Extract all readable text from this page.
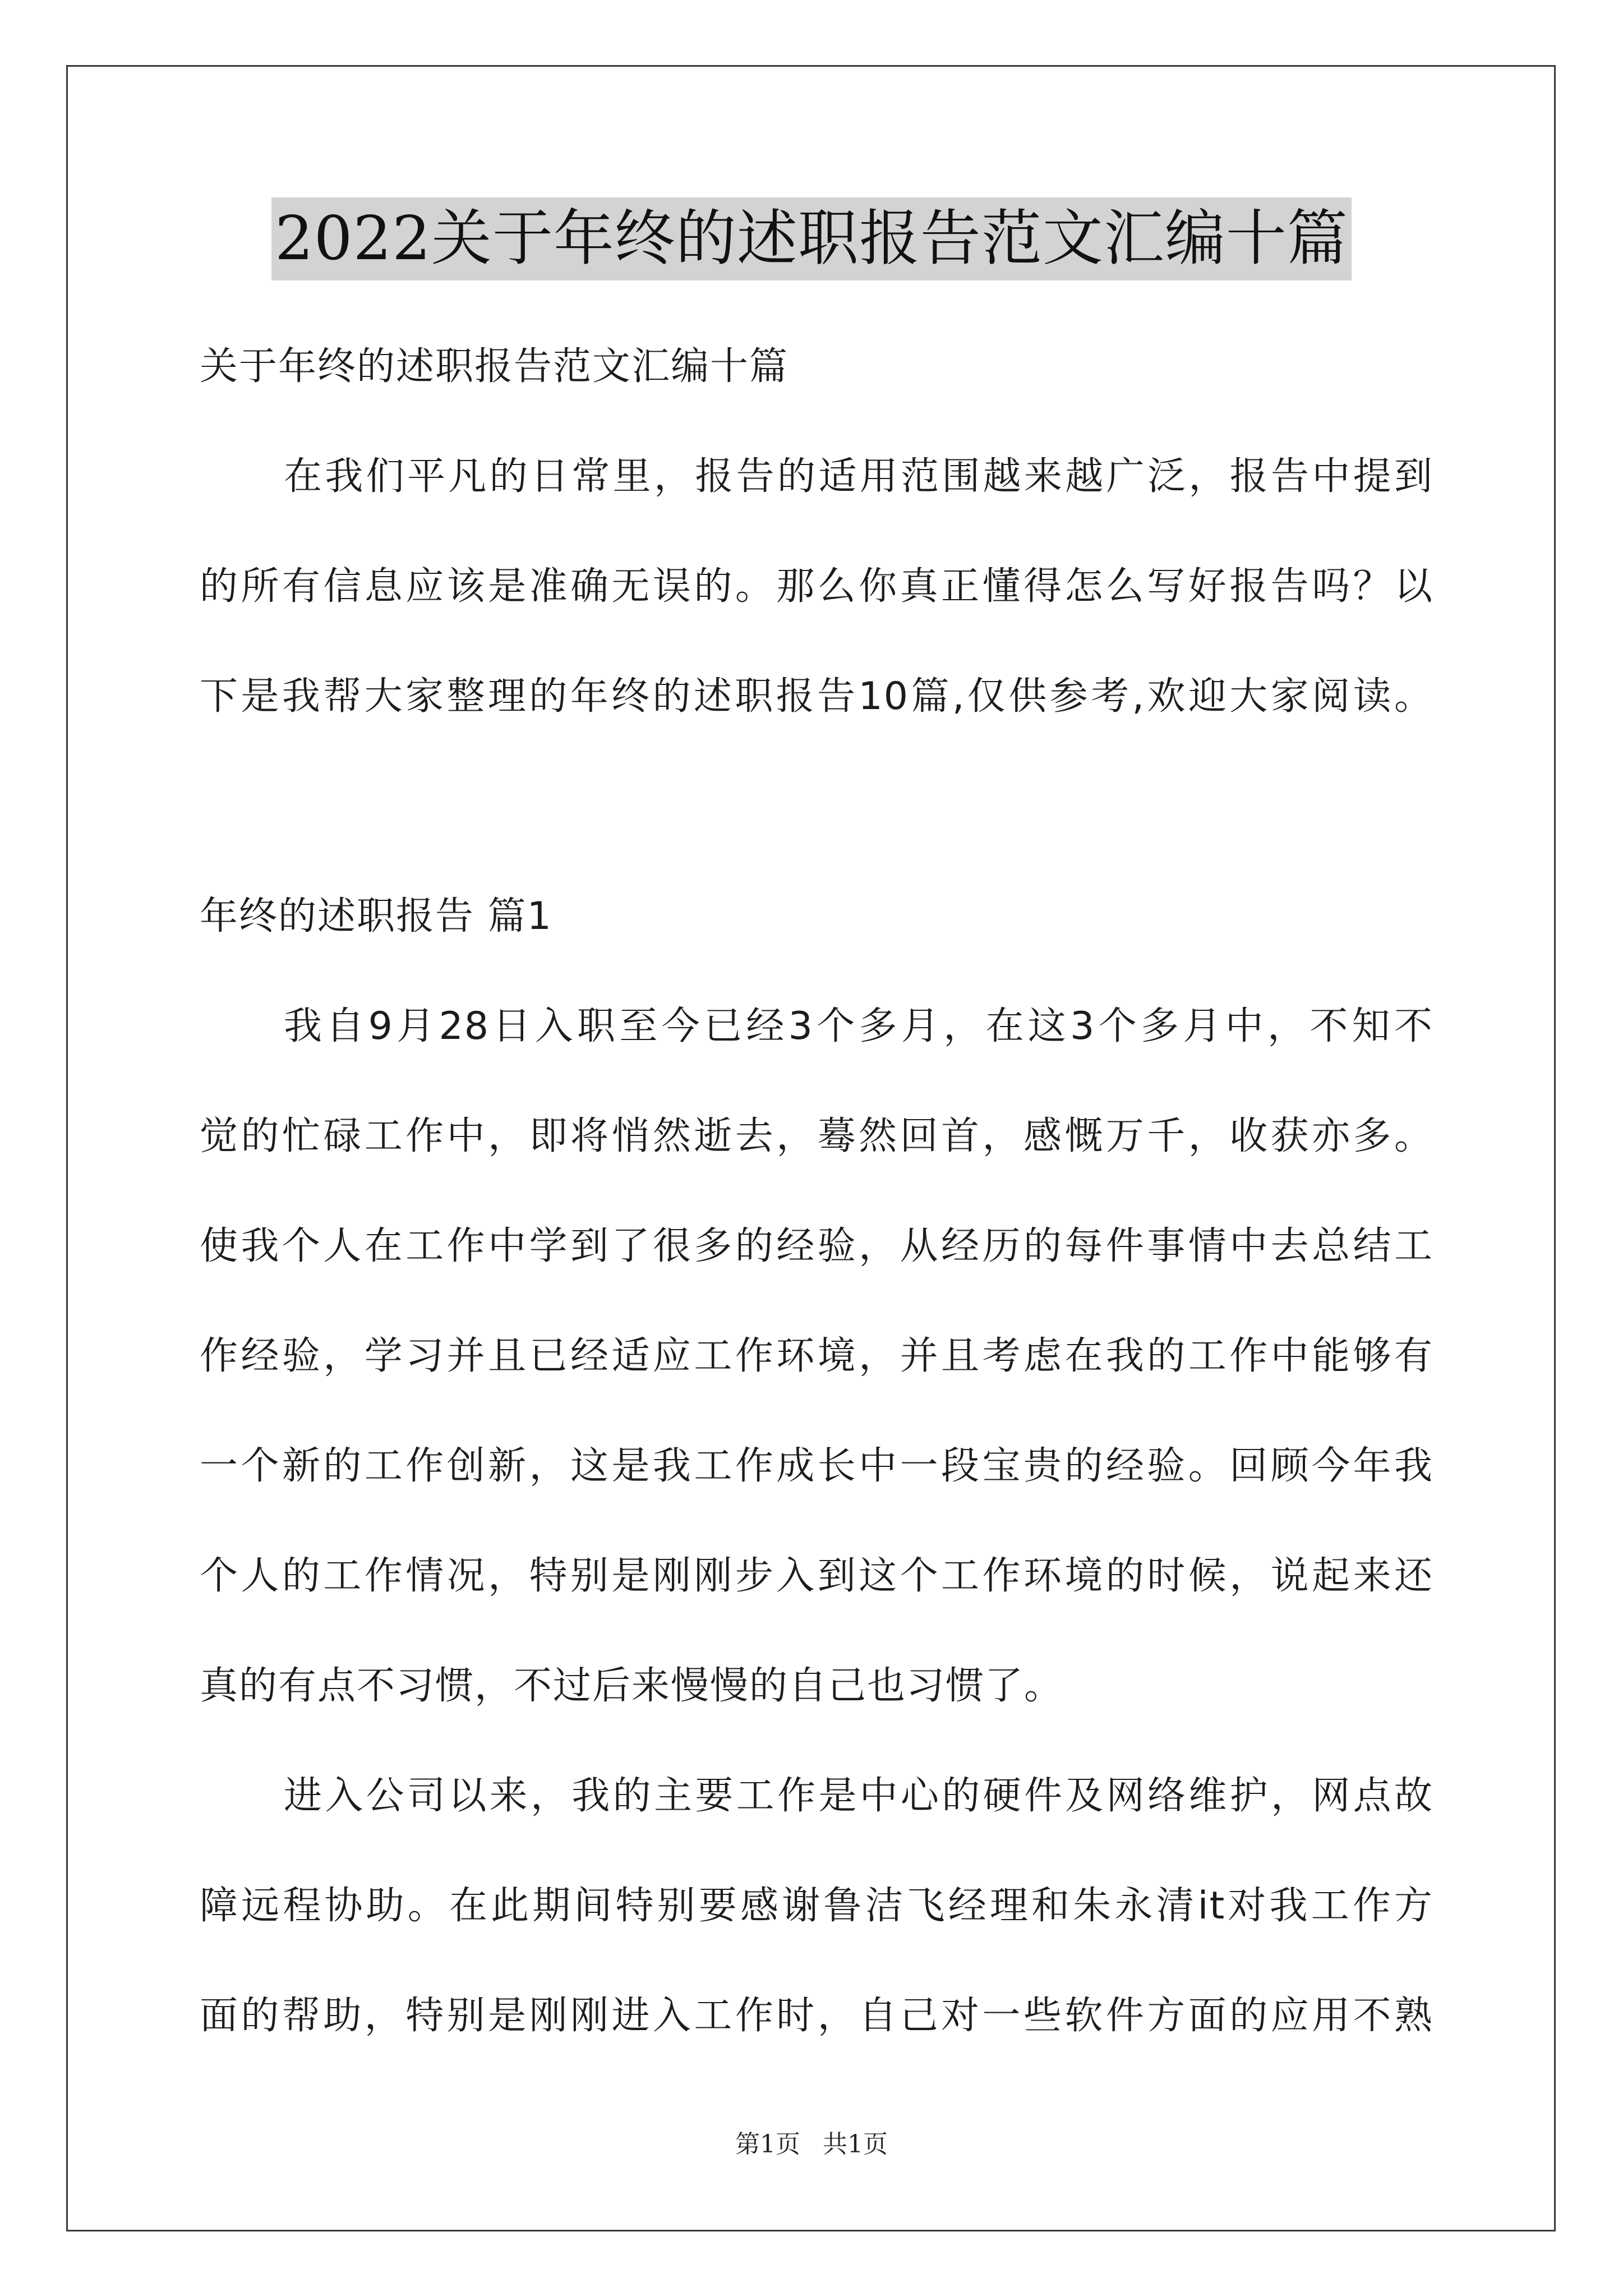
2022关于年终的述职报告范文汇编十篇
关于年终的述职报告范文汇编十篇
在我们平凡的日常里，报告的适用范围越来越广泛，报告中提到
的所有信息应该是准确无误的。那么你真正懂得怎么写好报告吗？以
下是我帮大家整理的年终的述职报告10篇,仅供参考,欢迎大家阅读。
年终的述职报告 篇1
我自9月28日入职至今已经3个多月，在这3个多月中，不知不
觉的忙碌工作中，即将悄然逝去，蓦然回首，感慨万千，收获亦多。
使我个人在工作中学到了很多的经验，从经历的每件事情中去总结工
作经验，学习并且已经适应工作环境，并且考虑在我的工作中能够有
一个新的工作创新，这是我工作成长中一段宝贵的经验。回顾今年我
个人的工作情况，特别是刚刚步入到这个工作环境的时候，说起来还
真的有点不习惯，不过后来慢慢的自己也习惯了。
进入公司以来，我的主要工作是中心的硬件及网络维护，网点故
障远程协助。在此期间特别要感谢鲁洁飞经理和朱永清it对我工作方
面的帮助，特别是刚刚进入工作时，自己对一些软件方面的应用不熟
第1页 共1页
